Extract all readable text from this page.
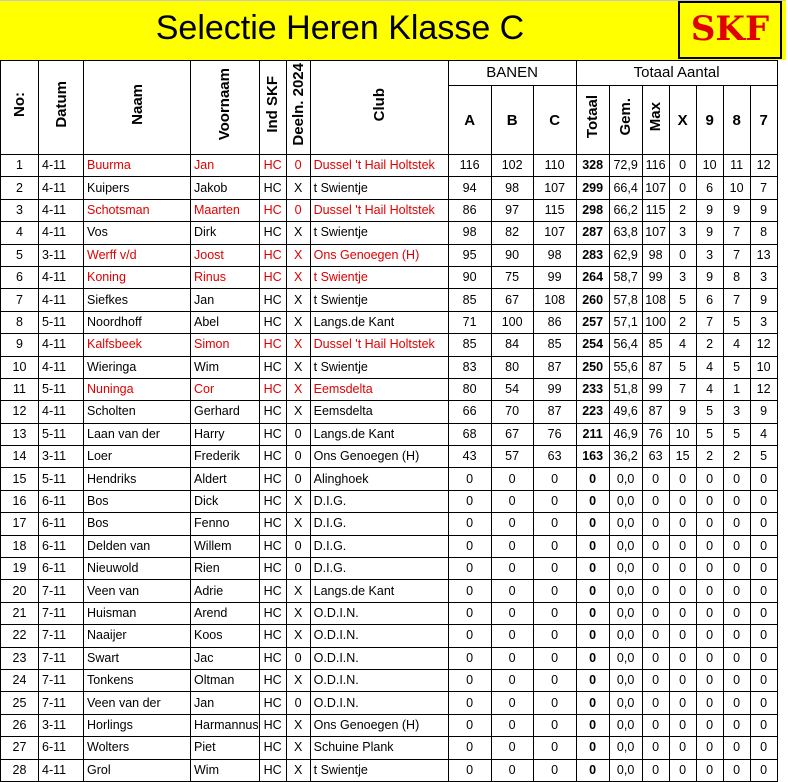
Selectie Heren Klasse C	SKF
No:	Datum	Naam	Voornaam	Ind SKF	Deeln. 2024	Club	BANEN			Totaal Aantal						
							A	B	C	Totaal	Gem.	Max	X	9	8	7
1	4-11	Buurma	Jan	HC	0	Dussel 't Hail Holtstek	116	102	110	328	72,9	116	0	10	11	12
2	4-11	Kuipers	Jakob	HC	X	t Swientje	94	98	107	299	66,4	107	0	6	10	7
3	4-11	Schotsman	Maarten	HC	0	Dussel 't Hail Holtstek	86	97	115	298	66,2	115	2	9	9	9
4	4-11	Vos	Dirk	HC	X	t Swientje	98	82	107	287	63,8	107	3	9	7	8
5	3-11	Werff v/d	Joost	HC	X	Ons Genoegen (H)	95	90	98	283	62,9	98	0	3	7	13
6	4-11	Koning	Rinus	HC	X	t Swientje	90	75	99	264	58,7	99	3	9	8	3
7	4-11	Siefkes	Jan	HC	X	t Swientje	85	67	108	260	57,8	108	5	6	7	9
8	5-11	Noordhoff	Abel	HC	X	Langs.de Kant	71	100	86	257	57,1	100	2	7	5	3
9	4-11	Kalfsbeek	Simon	HC	X	Dussel 't Hail Holtstek	85	84	85	254	56,4	85	4	2	4	12
10	4-11	Wieringa	Wim	HC	X	t Swientje	83	80	87	250	55,6	87	5	4	5	10
11	5-11	Nuninga	Cor	HC	X	Eemsdelta	80	54	99	233	51,8	99	7	4	1	12
12	4-11	Scholten	Gerhard	HC	X	Eemsdelta	66	70	87	223	49,6	87	9	5	3	9
13	5-11	Laan van der	Harry	HC	0	Langs.de Kant	68	67	76	211	46,9	76	10	5	5	4
14	3-11	Loer	Frederik	HC	0	Ons Genoegen (H)	43	57	63	163	36,2	63	15	2	2	5
15	5-11	Hendriks	Aldert	HC	0	Alinghoek	0	0	0	0	0,0	0	0	0	0	0
16	6-11	Bos	Dick	HC	X	D.I.G.	0	0	0	0	0,0	0	0	0	0	0
17	6-11	Bos	Fenno	HC	X	D.I.G.	0	0	0	0	0,0	0	0	0	0	0
18	6-11	Delden van	Willem	HC	0	D.I.G.	0	0	0	0	0,0	0	0	0	0	0
19	6-11	Nieuwold	Rien	HC	0	D.I.G.	0	0	0	0	0,0	0	0	0	0	0
20	7-11	Veen van	Adrie	HC	X	Langs.de Kant	0	0	0	0	0,0	0	0	0	0	0
21	7-11	Huisman	Arend	HC	X	O.D.I.N.	0	0	0	0	0,0	0	0	0	0	0
22	7-11	Naaijer	Koos	HC	X	O.D.I.N.	0	0	0	0	0,0	0	0	0	0	0
23	7-11	Swart	Jac	HC	0	O.D.I.N.	0	0	0	0	0,0	0	0	0	0	0
24	7-11	Tonkens	Oltman	HC	X	O.D.I.N.	0	0	0	0	0,0	0	0	0	0	0
25	7-11	Veen van der	Jan	HC	0	O.D.I.N.	0	0	0	0	0,0	0	0	0	0	0
26	3-11	Horlings	Harmannus	HC	X	Ons Genoegen (H)	0	0	0	0	0,0	0	0	0	0	0
27	6-11	Wolters	Piet	HC	X	Schuine Plank	0	0	0	0	0,0	0	0	0	0	0
28	4-11	Grol	Wim	HC	X	t Swientje	0	0	0	0	0,0	0	0	0	0	0
